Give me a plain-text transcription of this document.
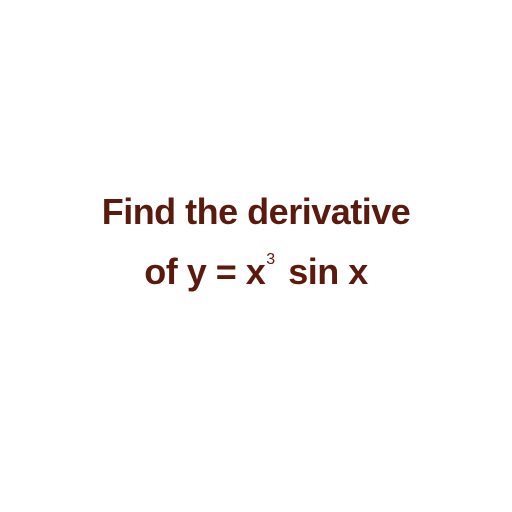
Find the derivative
of $y = x^3$ sin x
